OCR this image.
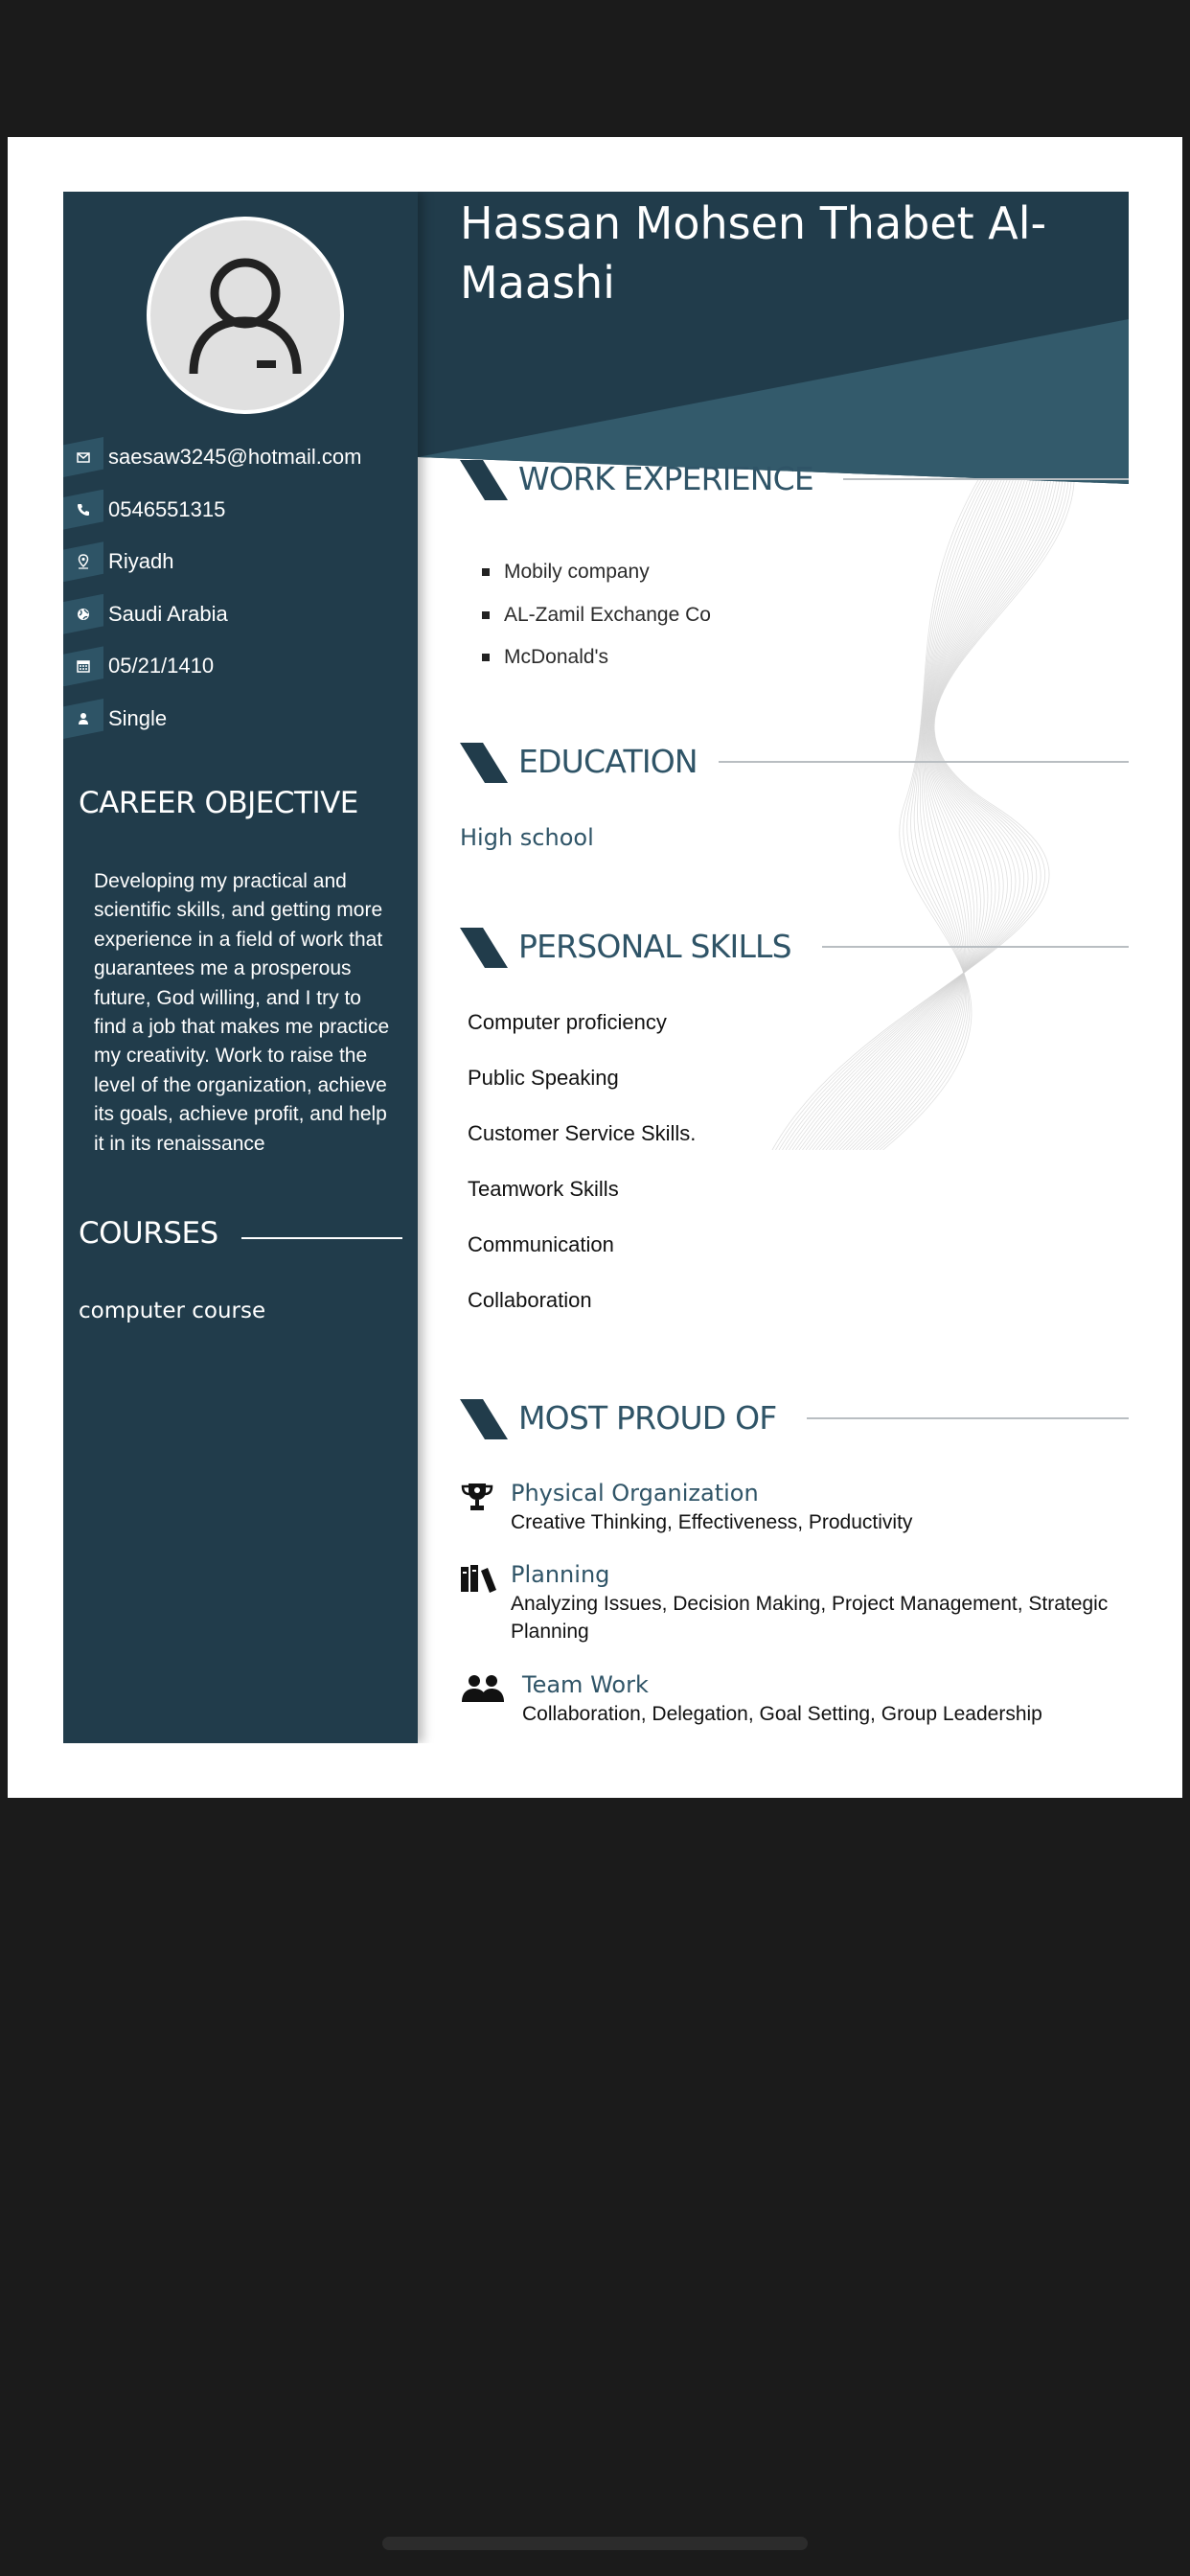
saesaw3245@hotmail.com
0546551315
Riyadh
Saudi Arabia
05/21/1410
Single
CAREER OBJECTIVE

Developing my practical and scientific skills, and getting more experience in a field of work that guarantees me a prosperous future, God willing, and I try to find a job that makes me practice my creativity. Work to raise the level of the organization, achieve its goals, achieve profit, and help it in its renaissance

COURSES
computer course
Hassan Mohsen Thabet Al-Maashi
WORK EXPERIENCE
Mobily company
AL-Zamil Exchange Co
McDonald's
EDUCATION
High school
PERSONAL SKILLS
Computer proficiency
Public Speaking
Customer Service Skills.
Teamwork Skills
Communication
Collaboration
MOST PROUD OF
Physical Organization
Creative Thinking, Effectiveness, Productivity
Planning
Analyzing Issues, Decision Making, Project Management, Strategic Planning
Team Work
Collaboration, Delegation, Goal Setting, Group Leadership
